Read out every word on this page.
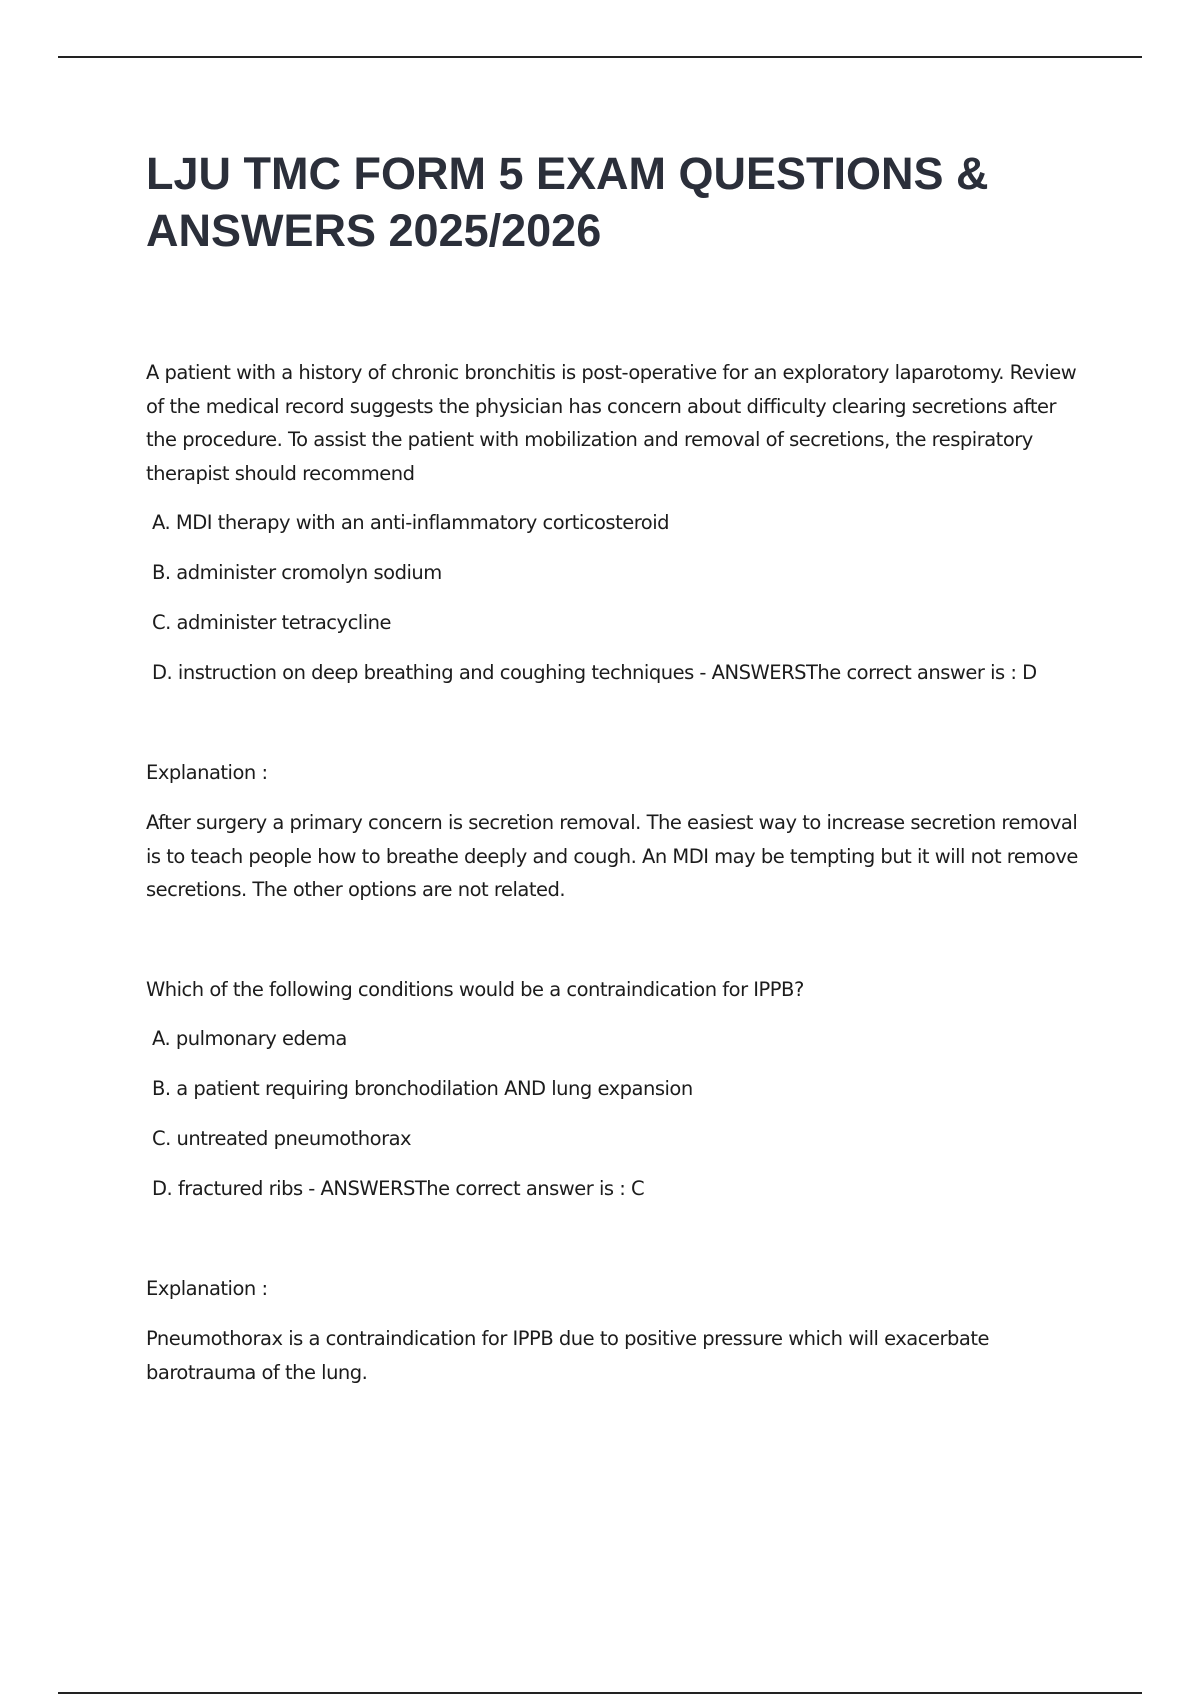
LJU TMC FORM 5 EXAM QUESTIONS & ANSWERS 2025/2026

A patient with a history of chronic bronchitis is post-operative for an exploratory laparotomy. Review of the medical record suggests the physician has concern about difficulty clearing secretions after the procedure. To assist the patient with mobilization and removal of secretions, the respiratory therapist should recommend

A. MDI therapy with an anti-inflammatory corticosteroid
B. administer cromolyn sodium
C. administer tetracycline
D. instruction on deep breathing and coughing techniques - ANSWERSThe correct answer is : D

Explanation :

After surgery a primary concern is secretion removal. The easiest way to increase secretion removal is to teach people how to breathe deeply and cough. An MDI may be tempting but it will not remove secretions. The other options are not related.

Which of the following conditions would be a contraindication for IPPB?

A. pulmonary edema
B. a patient requiring bronchodilation AND lung expansion
C. untreated pneumothorax
D. fractured ribs - ANSWERSThe correct answer is : C

Explanation :

Pneumothorax is a contraindication for IPPB due to positive pressure which will exacerbate barotrauma of the lung.
